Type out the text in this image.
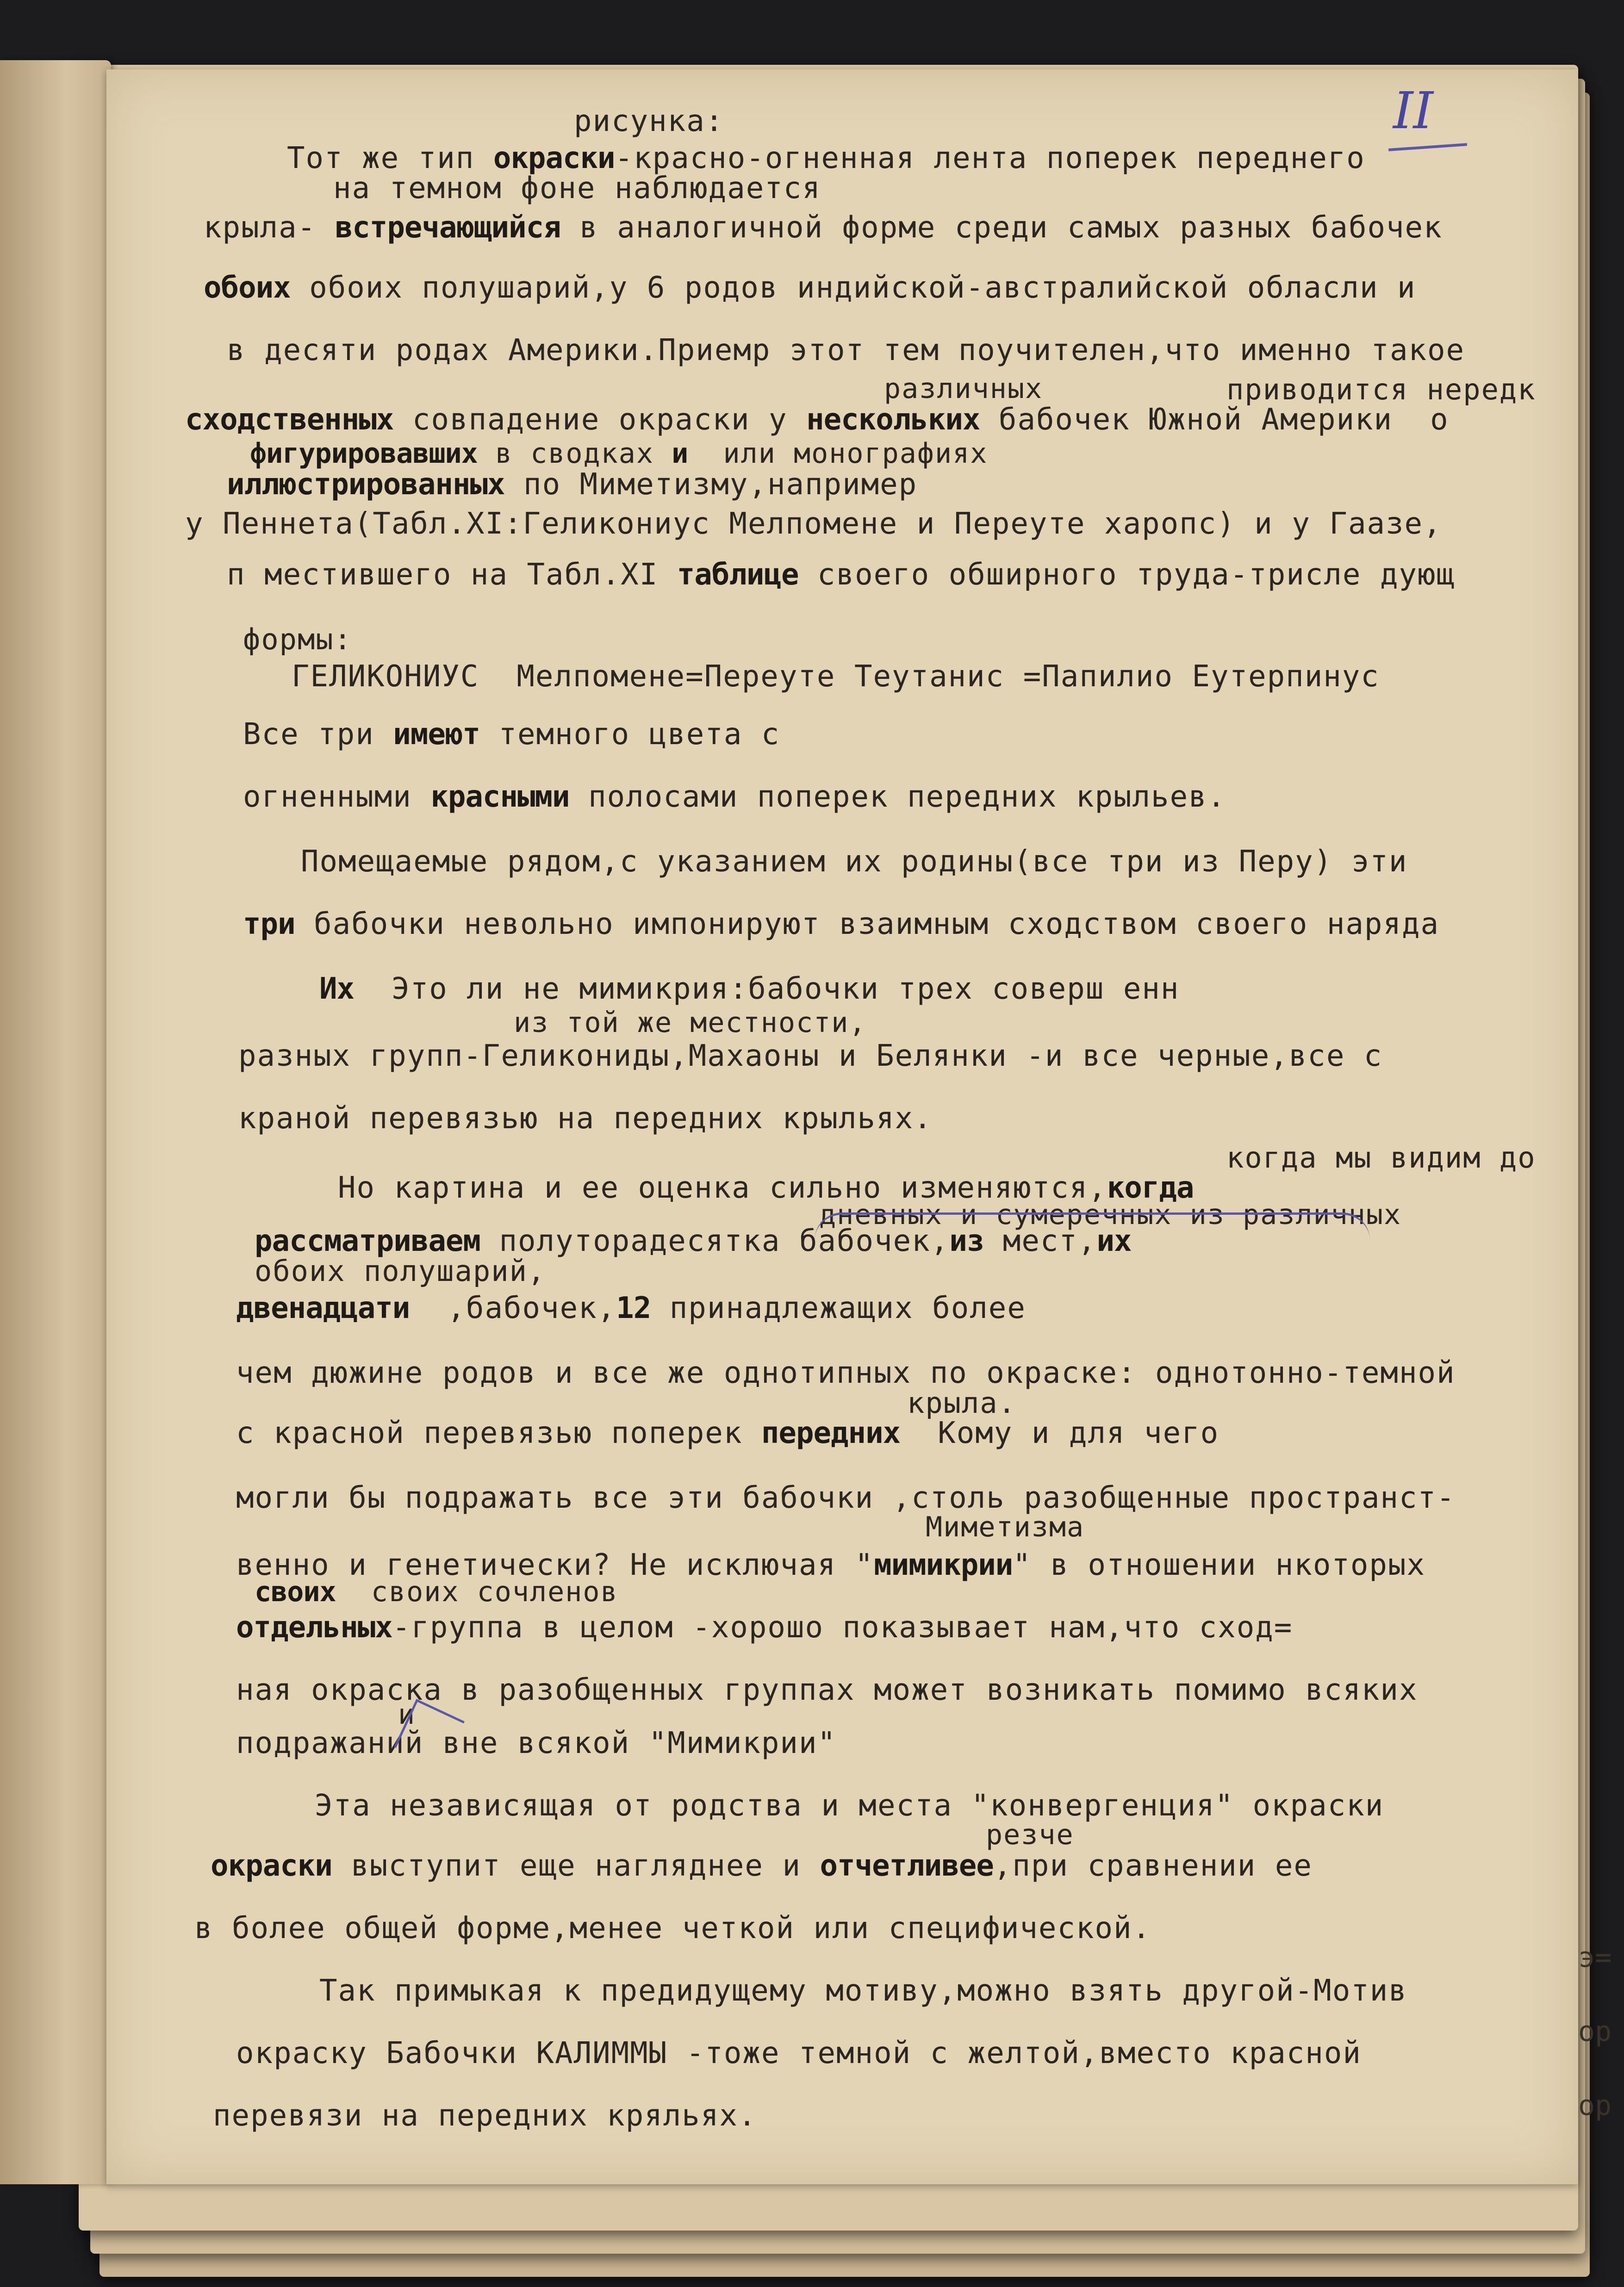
э=
ор
ор
II

рисунка:

Тот же тип окраски-красно-огненная лента поперек переднего

на темном фоне наблюдается

крыла- встречающийся в аналогичной форме среди самых разных бабочек

обоих обоих полушарий,у 6 родов индийской-австралийской обласли и

в десяти родах Америки.Приемр этот тем поучителен,что именно такое

различных	приводится нередк

сходственных совпадение окраски у нескольких бабочек Южной Америки  о

фигурировавших в сводках и  или монографиях

иллюстрированных по Миметизму,например

у Пеннета(Табл.XI:Геликониус Мелпомене и Переуте харопс) и у Гаазе,

п местившего на Табл.XI таблице своего обширного труда-трисле дующ

формы:

ГЕЛИКОНИУС  Мелпомене=Переуте Теутанис =Папилио Еутерпинус

Все три имеют темного цвета с

огненными красными полосами поперек передних крыльев.

Помещаемые рядом,с указанием их родины(все три из Перу) эти

три бабочки невольно импонируют взаимным сходством своего наряда

Их  Это ли не мимикрия:бабочки трех соверш енн

из той же местности,

разных групп-Геликониды,Махаоны и Белянки -и все черные,все с

краной перевязью на передних крыльях.

когда мы видим до

Но картина и ее оценка сильно изменяются,когда

дневных и сумеречных из различных

рассматриваем полуторадесятка бабочек,из мест,их

обоих полушарий,

двенадцати  ,бабочек,12 принадлежащих более

чем дюжине родов и все же однотипных по окраске: однотонно-темной

крыла.

с красной перевязью поперек передних  Кому и для чего

могли бы подражать все эти бабочки ,столь разобщенные пространст-

Миметизма

венно и генетически? Не исключая "мимикрии" в отношении нкоторых

своих  своих сочленов

отдельных-группа в целом -хорошо показывает нам,что сход=

ная окраска в разобщенных группах может возникать помимо всяких

и

подражаний вне всякой "Мимикрии"

Эта независящая от родства и места "конвергенция" окраски

резче

окраски выступит еще нагляднее и отчетливее,при сравнении ее

в более общей форме,менее четкой или специфической.

Так примыкая к предидущему мотиву,можно взять другой-Мотив

окраску Бабочки КАЛИММЫ -тоже темной с желтой,вместо красной

перевязи на передних кряльях.
